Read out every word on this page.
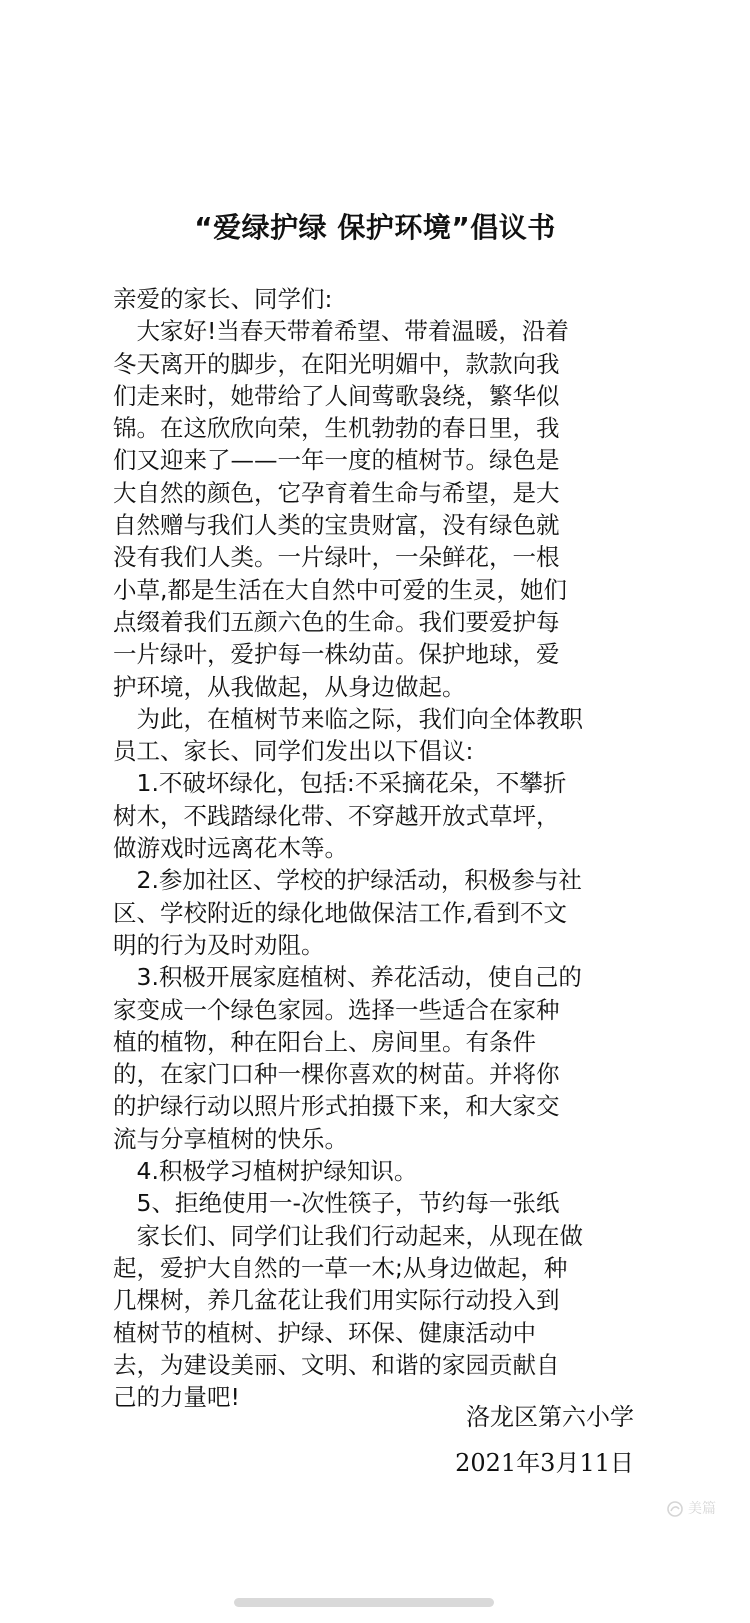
“爱绿护绿 保护环境”倡议书
亲爱的家长、同学们:
　大家好!当春天带着希望、带着温暖，沿着
冬天离开的脚步，在阳光明媚中，款款向我
们走来时，她带给了人间莺歌袅绕，繁华似
锦。在这欣欣向荣，生机勃勃的春日里，我
们又迎来了——一年一度的植树节。绿色是
大自然的颜色，它孕育着生命与希望，是大
自然赠与我们人类的宝贵财富，没有绿色就
没有我们人类。一片绿叶，一朵鲜花，一根
小草,都是生活在大自然中可爱的生灵，她们
点缀着我们五颜六色的生命。我们要爱护每
一片绿叶，爱护每一株幼苗。保护地球，爱
护环境，从我做起，从身边做起。
　为此，在植树节来临之际，我们向全体教职
员工、家长、同学们发出以下倡议:
　1.不破坏绿化，包括:不采摘花朵，不攀折
树木，不践踏绿化带、不穿越开放式草坪，
做游戏时远离花木等。
　2.参加社区、学校的护绿活动，积极参与社
区、学校附近的绿化地做保洁工作,看到不文
明的行为及时劝阻。
　3.积极开展家庭植树、养花活动，使自己的
家变成一个绿色家园。选择一些适合在家种
植的植物，种在阳台上、房间里。有条件
的，在家门口种一棵你喜欢的树苗。并将你
的护绿行动以照片形式拍摄下来，和大家交
流与分享植树的快乐。
　4.积极学习植树护绿知识。
　5、拒绝使用一-次性筷子，节约每一张纸
　家长们、同学们让我们行动起来，从现在做
起，爱护大自然的一草一木;从身边做起，种
几棵树，养几盆花让我们用实际行动投入到
植树节的植树、护绿、环保、健康活动中
去，为建设美丽、文明、和谐的家园贡献自
己的力量吧!
洛龙区第六小学
2021年3月11日
美篇
